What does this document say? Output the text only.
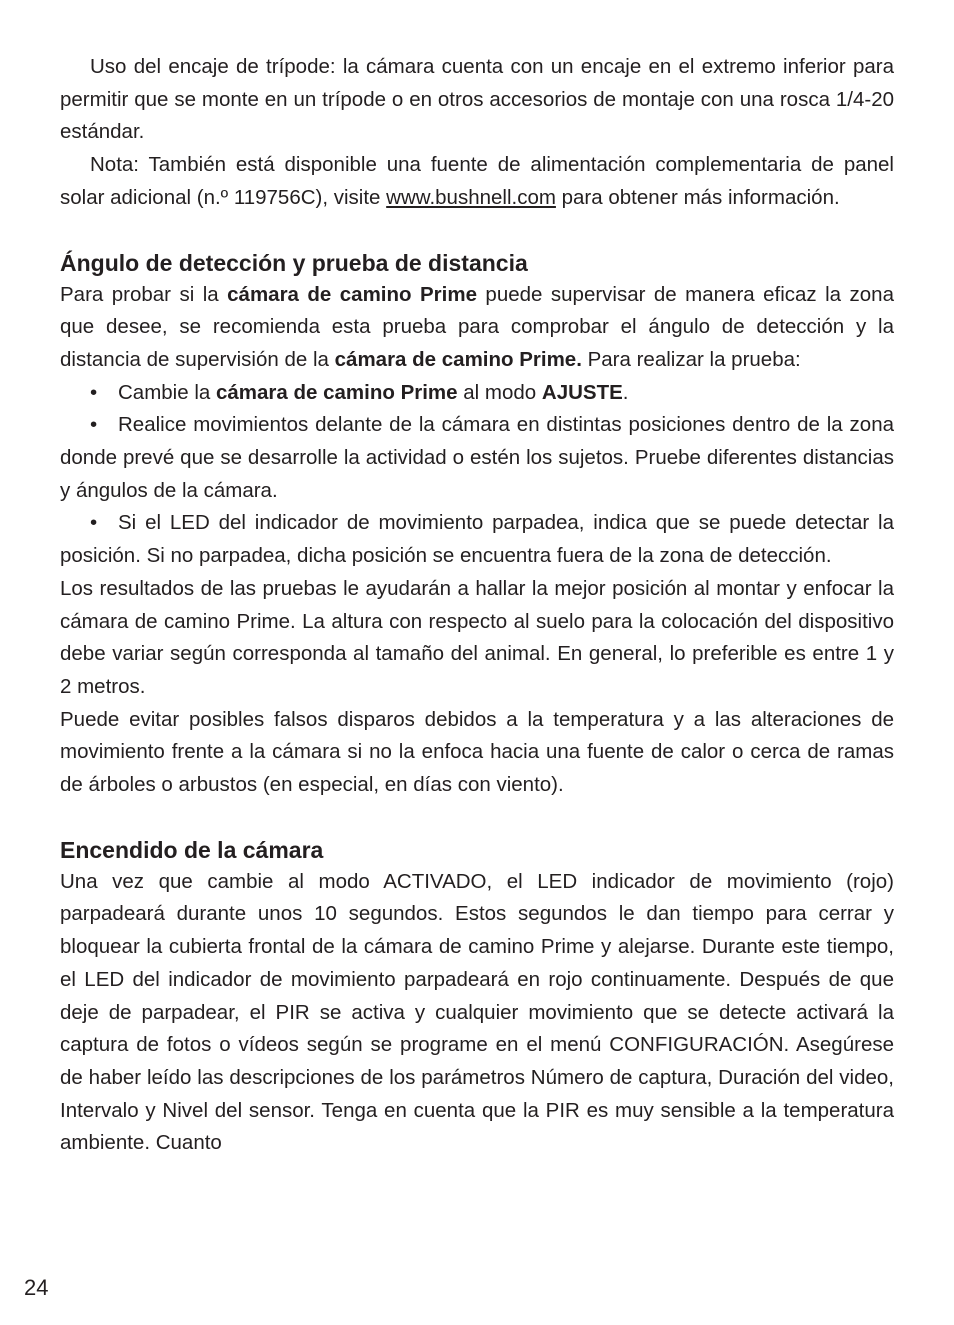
Uso del encaje de trípode: la cámara cuenta con un encaje en el extremo inferior para permitir que se monte en un trípode o en otros accesorios de montaje con una rosca 1/4-20 estándar.

Nota: También está disponible una fuente de alimentación complementaria de panel solar adicional (n.º 119756C), visite www.bushnell.com para obtener más información.

Ángulo de detección y prueba de distancia

Para probar si la cámara de camino Prime puede supervisar de manera eficaz la zona que desee, se recomienda esta prueba para comprobar el ángulo de detección y la distancia de supervisión de la cámara de camino Prime. Para realizar la prueba:

• Cambie la cámara de camino Prime al modo AJUSTE.

• Realice movimientos delante de la cámara en distintas posiciones dentro de la zona donde prevé que se desarrolle la actividad o estén los sujetos. Pruebe diferentes distancias y ángulos de la cámara.

• Si el LED del indicador de movimiento parpadea, indica que se puede detectar la posición. Si no parpadea, dicha posición se encuentra fuera de la zona de detección.

Los resultados de las pruebas le ayudarán a hallar la mejor posición al montar y enfocar la cámara de camino Prime. La altura con respecto al suelo para la colocación del dispositivo debe variar según corresponda al tamaño del animal. En general, lo preferible es entre 1 y 2 metros.

Puede evitar posibles falsos disparos debidos a la temperatura y a las alteraciones de movimiento frente a la cámara si no la enfoca hacia una fuente de calor o cerca de ramas de árboles o arbustos (en especial, en días con viento).

Encendido de la cámara

Una vez que cambie al modo ACTIVADO, el LED indicador de movimiento (rojo) parpadeará durante unos 10 segundos. Estos segundos le dan tiempo para cerrar y bloquear la cubierta frontal de la cámara de camino Prime y alejarse. Durante este tiempo, el LED del indicador de movimiento parpadeará en rojo continuamente. Después de que deje de parpadear, el PIR se activa y cualquier movimiento que se detecte activará la captura de fotos o vídeos según se programe en el menú CONFIGURACIÓN. Asegúrese de haber leído las descripciones de los parámetros Número de captura, Duración del video, Intervalo y Nivel del sensor. Tenga en cuenta que la PIR es muy sensible a la temperatura ambiente. Cuanto

24
